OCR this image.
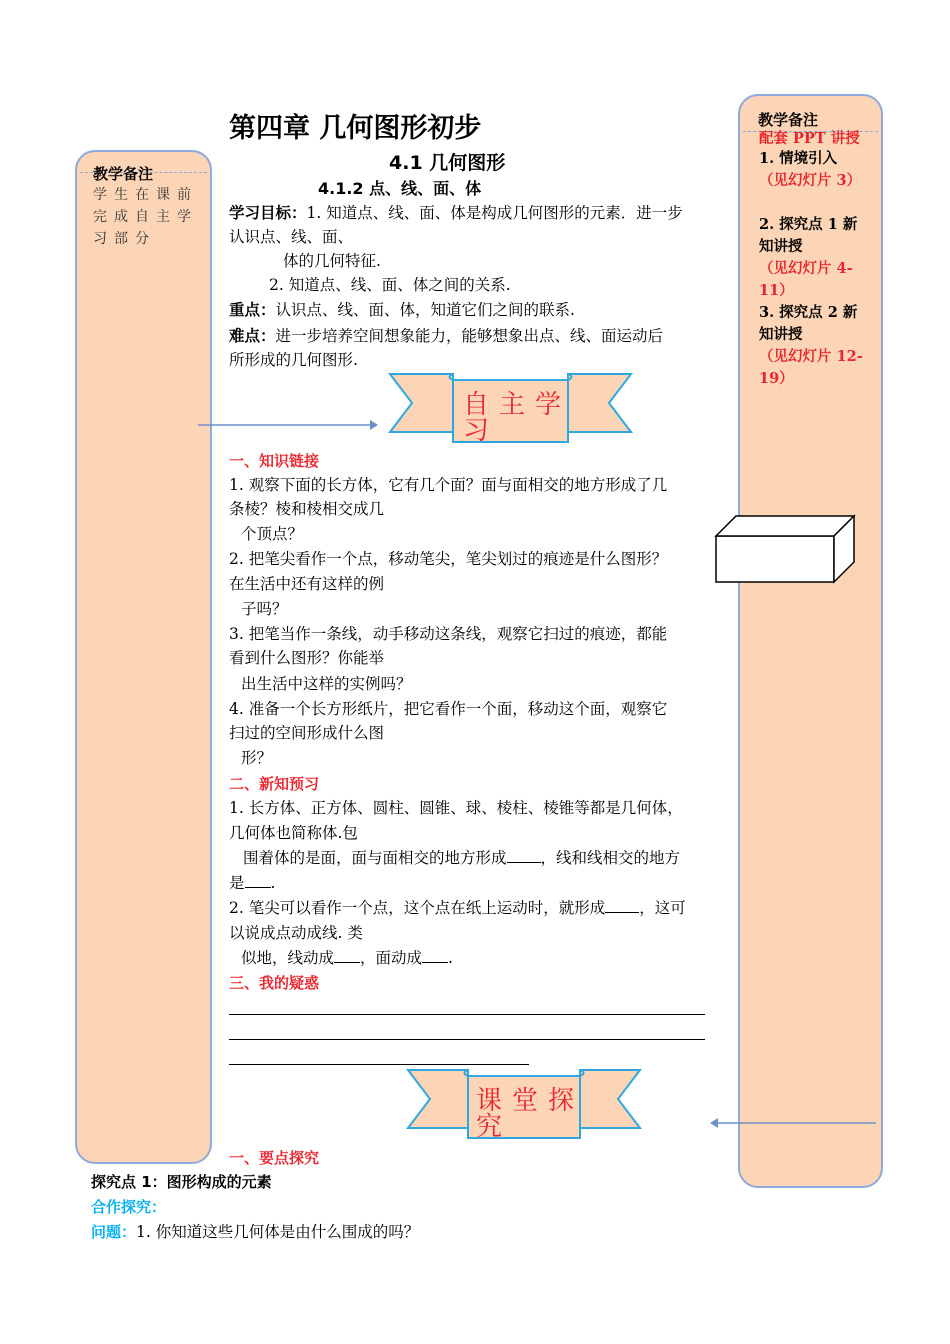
教学备注
学生在课前完成自主学习部分
教学备注
配套 PPT 讲授
1. 情境引入
（见幻灯片 3）
2. 探究点 1 新知讲授
（见幻灯片 4-11）
3. 探究点 2 新知讲授
（见幻灯片 12-19）
第四章 几何图形初步
4.1 几何图形
4.1.2 点、线、面、体
学习目标：1. 知道点、线、面、体是构成几何图形的元素．进一步
认识点、线、面、
体的几何特征.
2. 知道点、线、面、体之间的关系.
重点：认识点、线、面、体，知道它们之间的联系.
难点：进一步培养空间想象能力，能够想象出点、线、面运动后
所形成的几何图形.
自主学
习
一、知识链接
1. 观察下面的长方体，它有几个面？面与面相交的地方形成了几
条棱？棱和棱相交成几
个顶点？
2. 把笔尖看作一个点，移动笔尖，笔尖划过的痕迹是什么图形？
在生活中还有这样的例
子吗？
3. 把笔当作一条线，动手移动这条线，观察它扫过的痕迹，都能
看到什么图形？你能举
出生活中这样的实例吗？
4. 准备一个长方形纸片，把它看作一个面，移动这个面，观察它
扫过的空间形成什么图
形？
二、新知预习
1. 长方体、正方体、圆柱、圆锥、球、棱柱、棱锥等都是几何体，
几何体也简称体.包
围着体的是面，面与面相交的地方形成 ，线和线相交的地方
是 .
2. 笔尖可以看作一个点，这个点在纸上运动时，就形成 ，这可
以说成点动成线. 类
似地，线动成 ，面动成 .
三、我的疑惑
课堂探
究
一、要点探究
探究点 1：图形构成的元素
合作探究：
问题：1. 你知道这些几何体是由什么围成的吗？
